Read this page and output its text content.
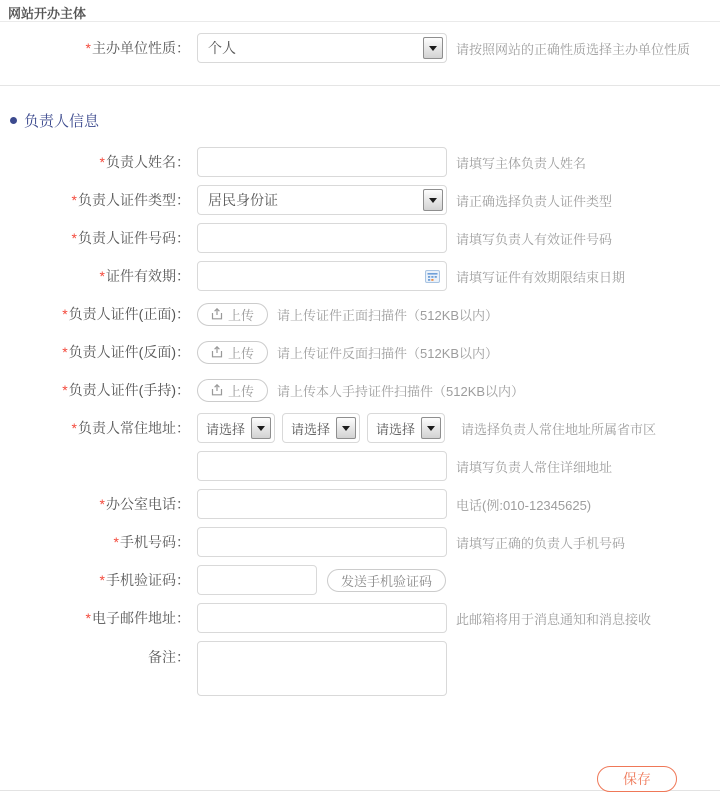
网站开办主体
*主办单位性质： 个人	请按照网站的正确性质选择主办单位性质
负责人信息
*负责人姓名：	请填写主体负责人姓名
*负责人证件类型： 居民身份证	请正确选择负责人证件类型
*负责人证件号码：	请填写负责人有效证件号码
*证件有效期：	请填写证件有效期限结束日期
*负责人证件(正面)：	上传 请上传证件正面扫描件（512KB以内）
*负责人证件(反面)：	上传 请上传证件反面扫描件（512KB以内）
*负责人证件(手持)：	上传 请上传本人手持证件扫描件（512KB以内）
*负责人常住地址： 请选择	请选择	请选择	请选择负责人常住地址所属省市区
请填写负责人常住详细地址
*办公室电话：	电话(例:010-12345625)
*手机号码：	请填写正确的负责人手机号码
*手机验证码：	发送手机验证码
*电子邮件地址：	此邮箱将用于消息通知和消息接收
备注：
保存
